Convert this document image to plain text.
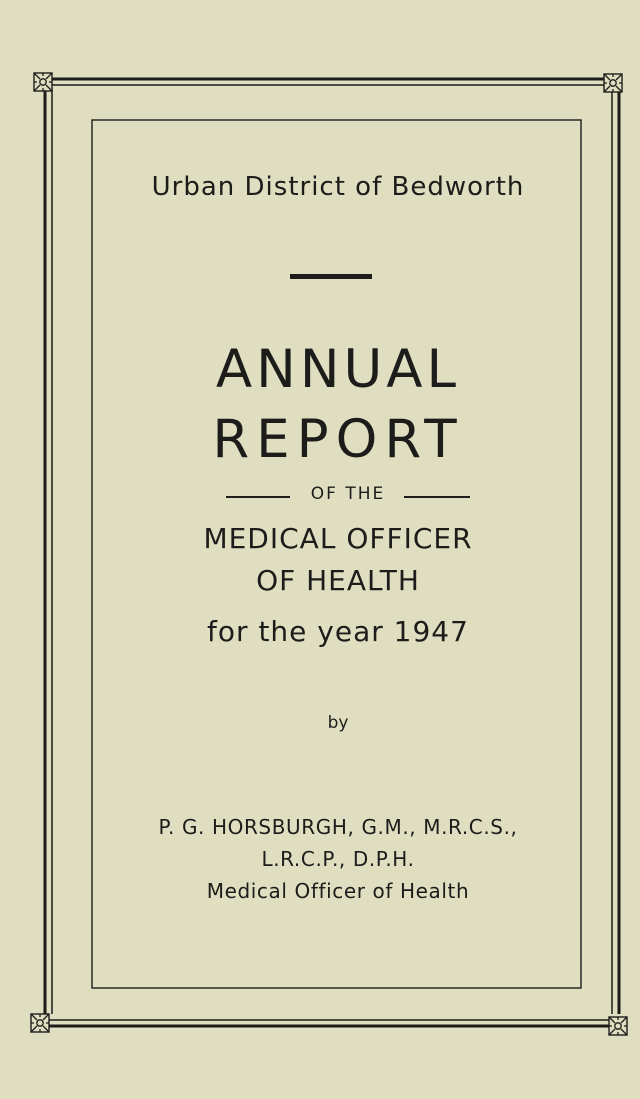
Urban District of Bedworth
ANNUAL
REPORT
OF THE
MEDICAL OFFICER
OF HEALTH
for the year 1947
by
P. G. HORSBURGH, G.M., M.R.C.S.,
L.R.C.P., D.P.H.
Medical Officer of Health
